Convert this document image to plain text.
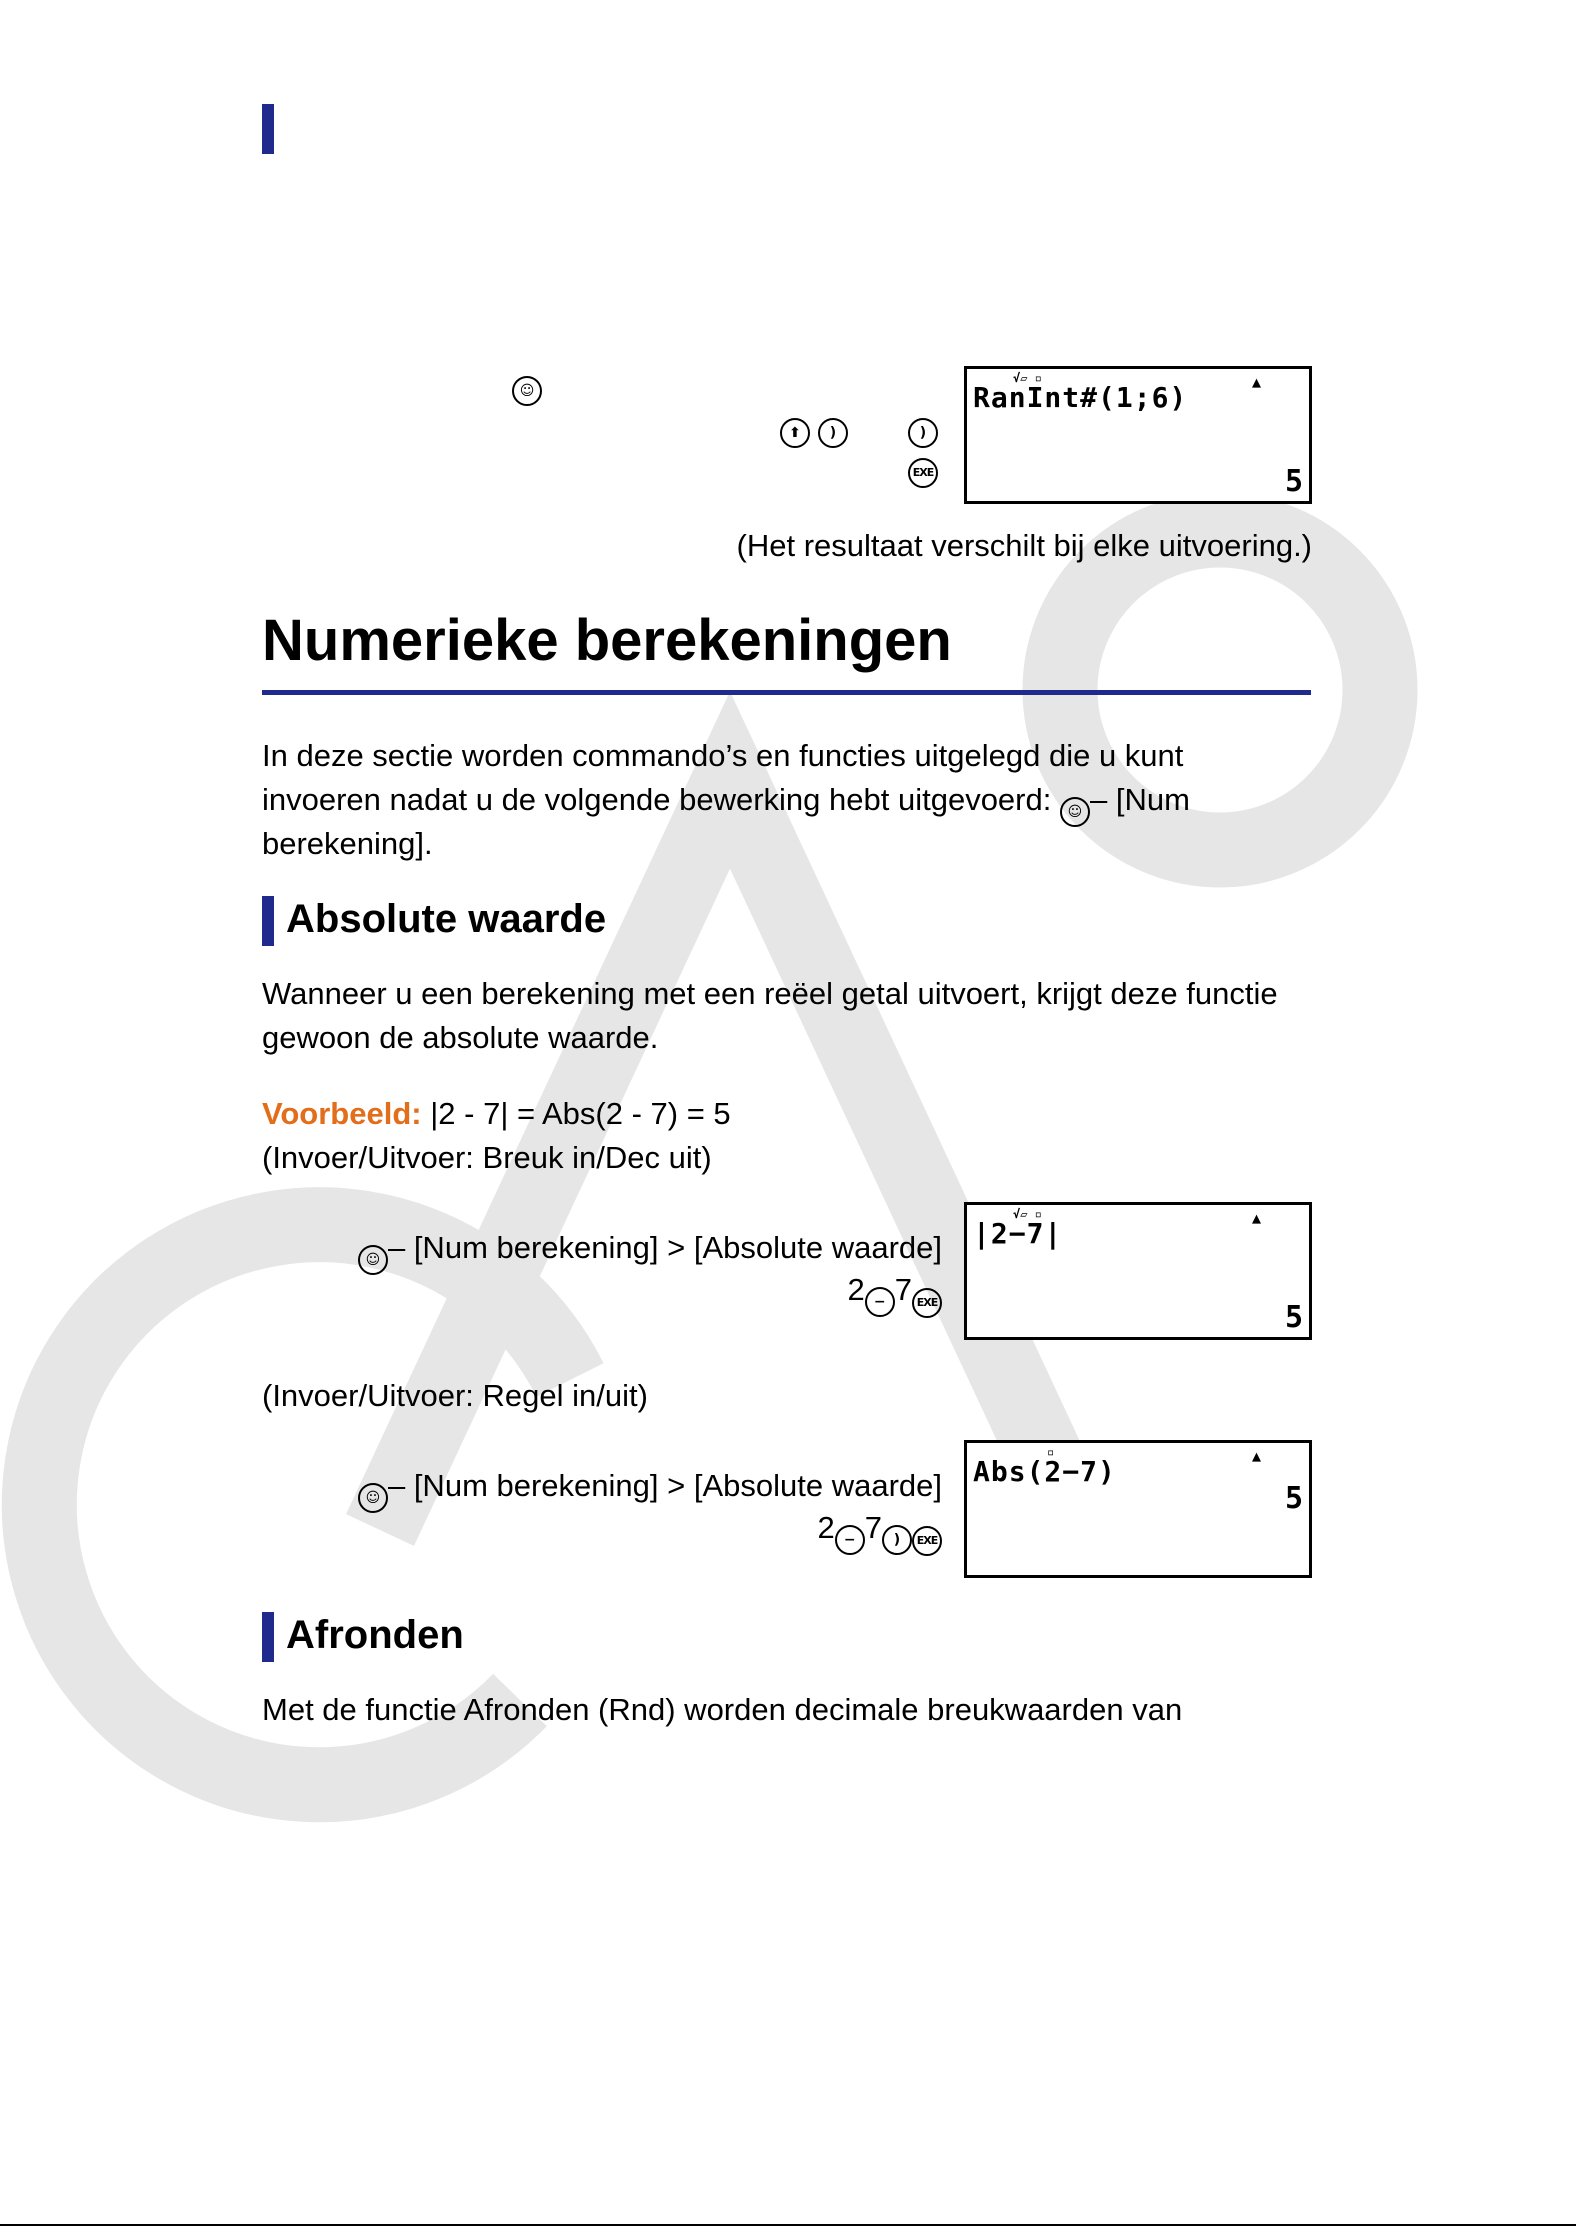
☺
⬆	)	)
EXE
√▱ ▫	▲
RanInt#(1;6)
5
(Het resultaat verschilt bij elke uitvoering.)
Numerieke berekeningen
In deze sectie worden commando’s en functies uitgelegd die u kunt
invoeren nadat u de volgende bewerking hebt uitgevoerd: ☺ – [Num
berekening].
Absolute waarde
Wanneer u een berekening met een reëel getal uitvoert, krijgt deze functie
gewoon de absolute waarde.
Voorbeeld: |2 - 7| = Abs(2 - 7) = 5
(Invoer/Uitvoer: Breuk in/Dec uit)
☺ – [Num berekening] > [Absolute waarde]
2 − 7 EXE
√▱ ▫	▲
|2−7|
5
(Invoer/Uitvoer: Regel in/uit)
☺ – [Num berekening] > [Absolute waarde]
2 − 7 ) EXE
▫	▲
Abs(2−7)
5
Afronden
Met de functie Afronden (Rnd) worden decimale breukwaarden van
